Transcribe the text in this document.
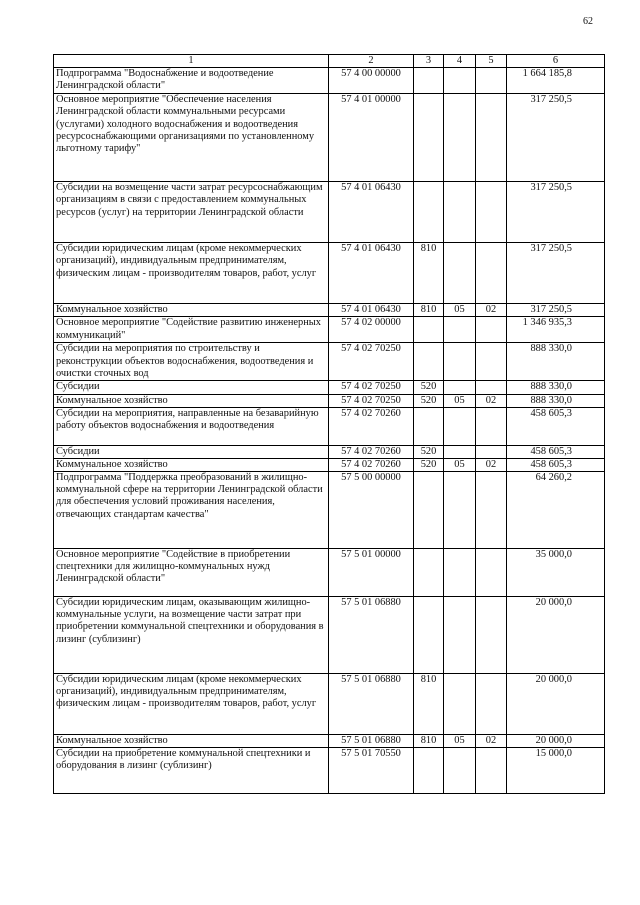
62
1	2	3	4	5	6
Подпрограмма "Водоснабжение и водоотведение Ленинградской области"	57 4 00 00000				1 664 185,8
Основное мероприятие "Обеспечение населения Ленинградской области коммунальными ресурсами (услугами) холодного водоснабжения и водоотведения ресурсоснабжающими организациями по установленному льготному тарифу"	57 4 01 00000				317 250,5
Субсидии на возмещение части затрат ресурсоснабжающим организациям в связи с предоставлением коммунальных ресурсов (услуг) на территории Ленинградской области	57 4 01 06430				317 250,5
Субсидии юридическим лицам (кроме некоммерческих организаций), индивидуальным предпринимателям, физическим лицам - производителям товаров, работ, услуг	57 4 01 06430	810			317 250,5
Коммунальное хозяйство	57 4 01 06430	810	05	02	317 250,5
Основное мероприятие "Содействие развитию инженерных коммуникаций"	57 4 02 00000				1 346 935,3
Субсидии на мероприятия по строительству и реконструкции объектов водоснабжения, водоотведения и очистки сточных вод	57 4 02 70250				888 330,0
Субсидии	57 4 02 70250	520			888 330,0
Коммунальное хозяйство	57 4 02 70250	520	05	02	888 330,0
Субсидии на мероприятия, направленные на безаварийную работу объектов водоснабжения и водоотведения	57 4 02 70260				458 605,3
Субсидии	57 4 02 70260	520			458 605,3
Коммунальное хозяйство	57 4 02 70260	520	05	02	458 605,3
Подпрограмма "Поддержка преобразований в жилищно-коммунальной сфере на территории Ленинградской области для обеспечения условий проживания населения, отвечающих стандартам качества"	57 5 00 00000				64 260,2
Основное мероприятие "Содействие в приобретении спецтехники для жилищно-коммунальных нужд Ленинградской области"	57 5 01 00000				35 000,0
Субсидии юридическим лицам, оказывающим жилищно-коммунальные услуги, на возмещение части затрат при приобретении коммунальной спецтехники и оборудования в лизинг (сублизинг)	57 5 01 06880				20 000,0
Субсидии юридическим лицам (кроме некоммерческих организаций), индивидуальным предпринимателям, физическим лицам - производителям товаров, работ, услуг	57 5 01 06880	810			20 000,0
Коммунальное хозяйство	57 5 01 06880	810	05	02	20 000,0
Субсидии на приобретение коммунальной спецтехники и оборудования в лизинг (сублизинг)	57 5 01 70550				15 000,0
